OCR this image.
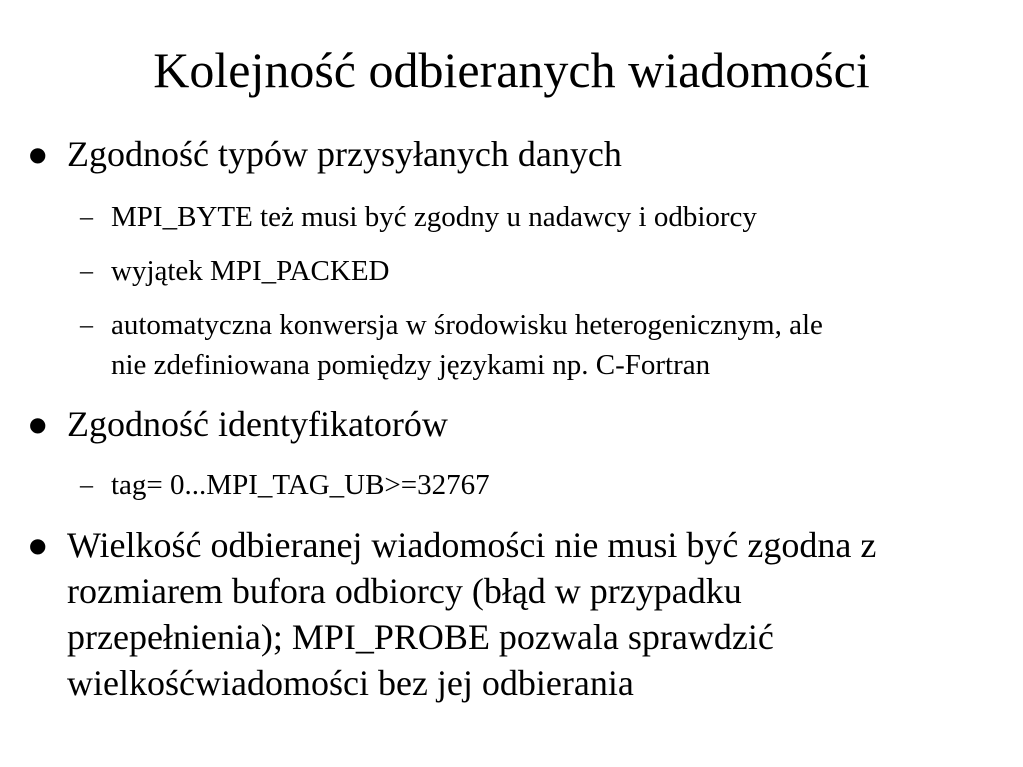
Kolejność odbieranych wiadomości
● Zgodność typów przysyłanych danych
– MPI_BYTE też musi być zgodny u nadawcy i odbiorcy
– wyjątek MPI_PACKED
– automatyczna konwersja w środowisku heterogenicznym, ale
nie zdefiniowana pomiędzy językami np. C-Fortran
● Zgodność identyfikatorów
– tag= 0...MPI_TAG_UB>=32767
● Wielkość odbieranej wiadomości nie musi być zgodna z
rozmiarem bufora odbiorcy (błąd w przypadku
przepełnienia); MPI_PROBE pozwala sprawdzić
wielkośćwiadomości bez jej odbierania
